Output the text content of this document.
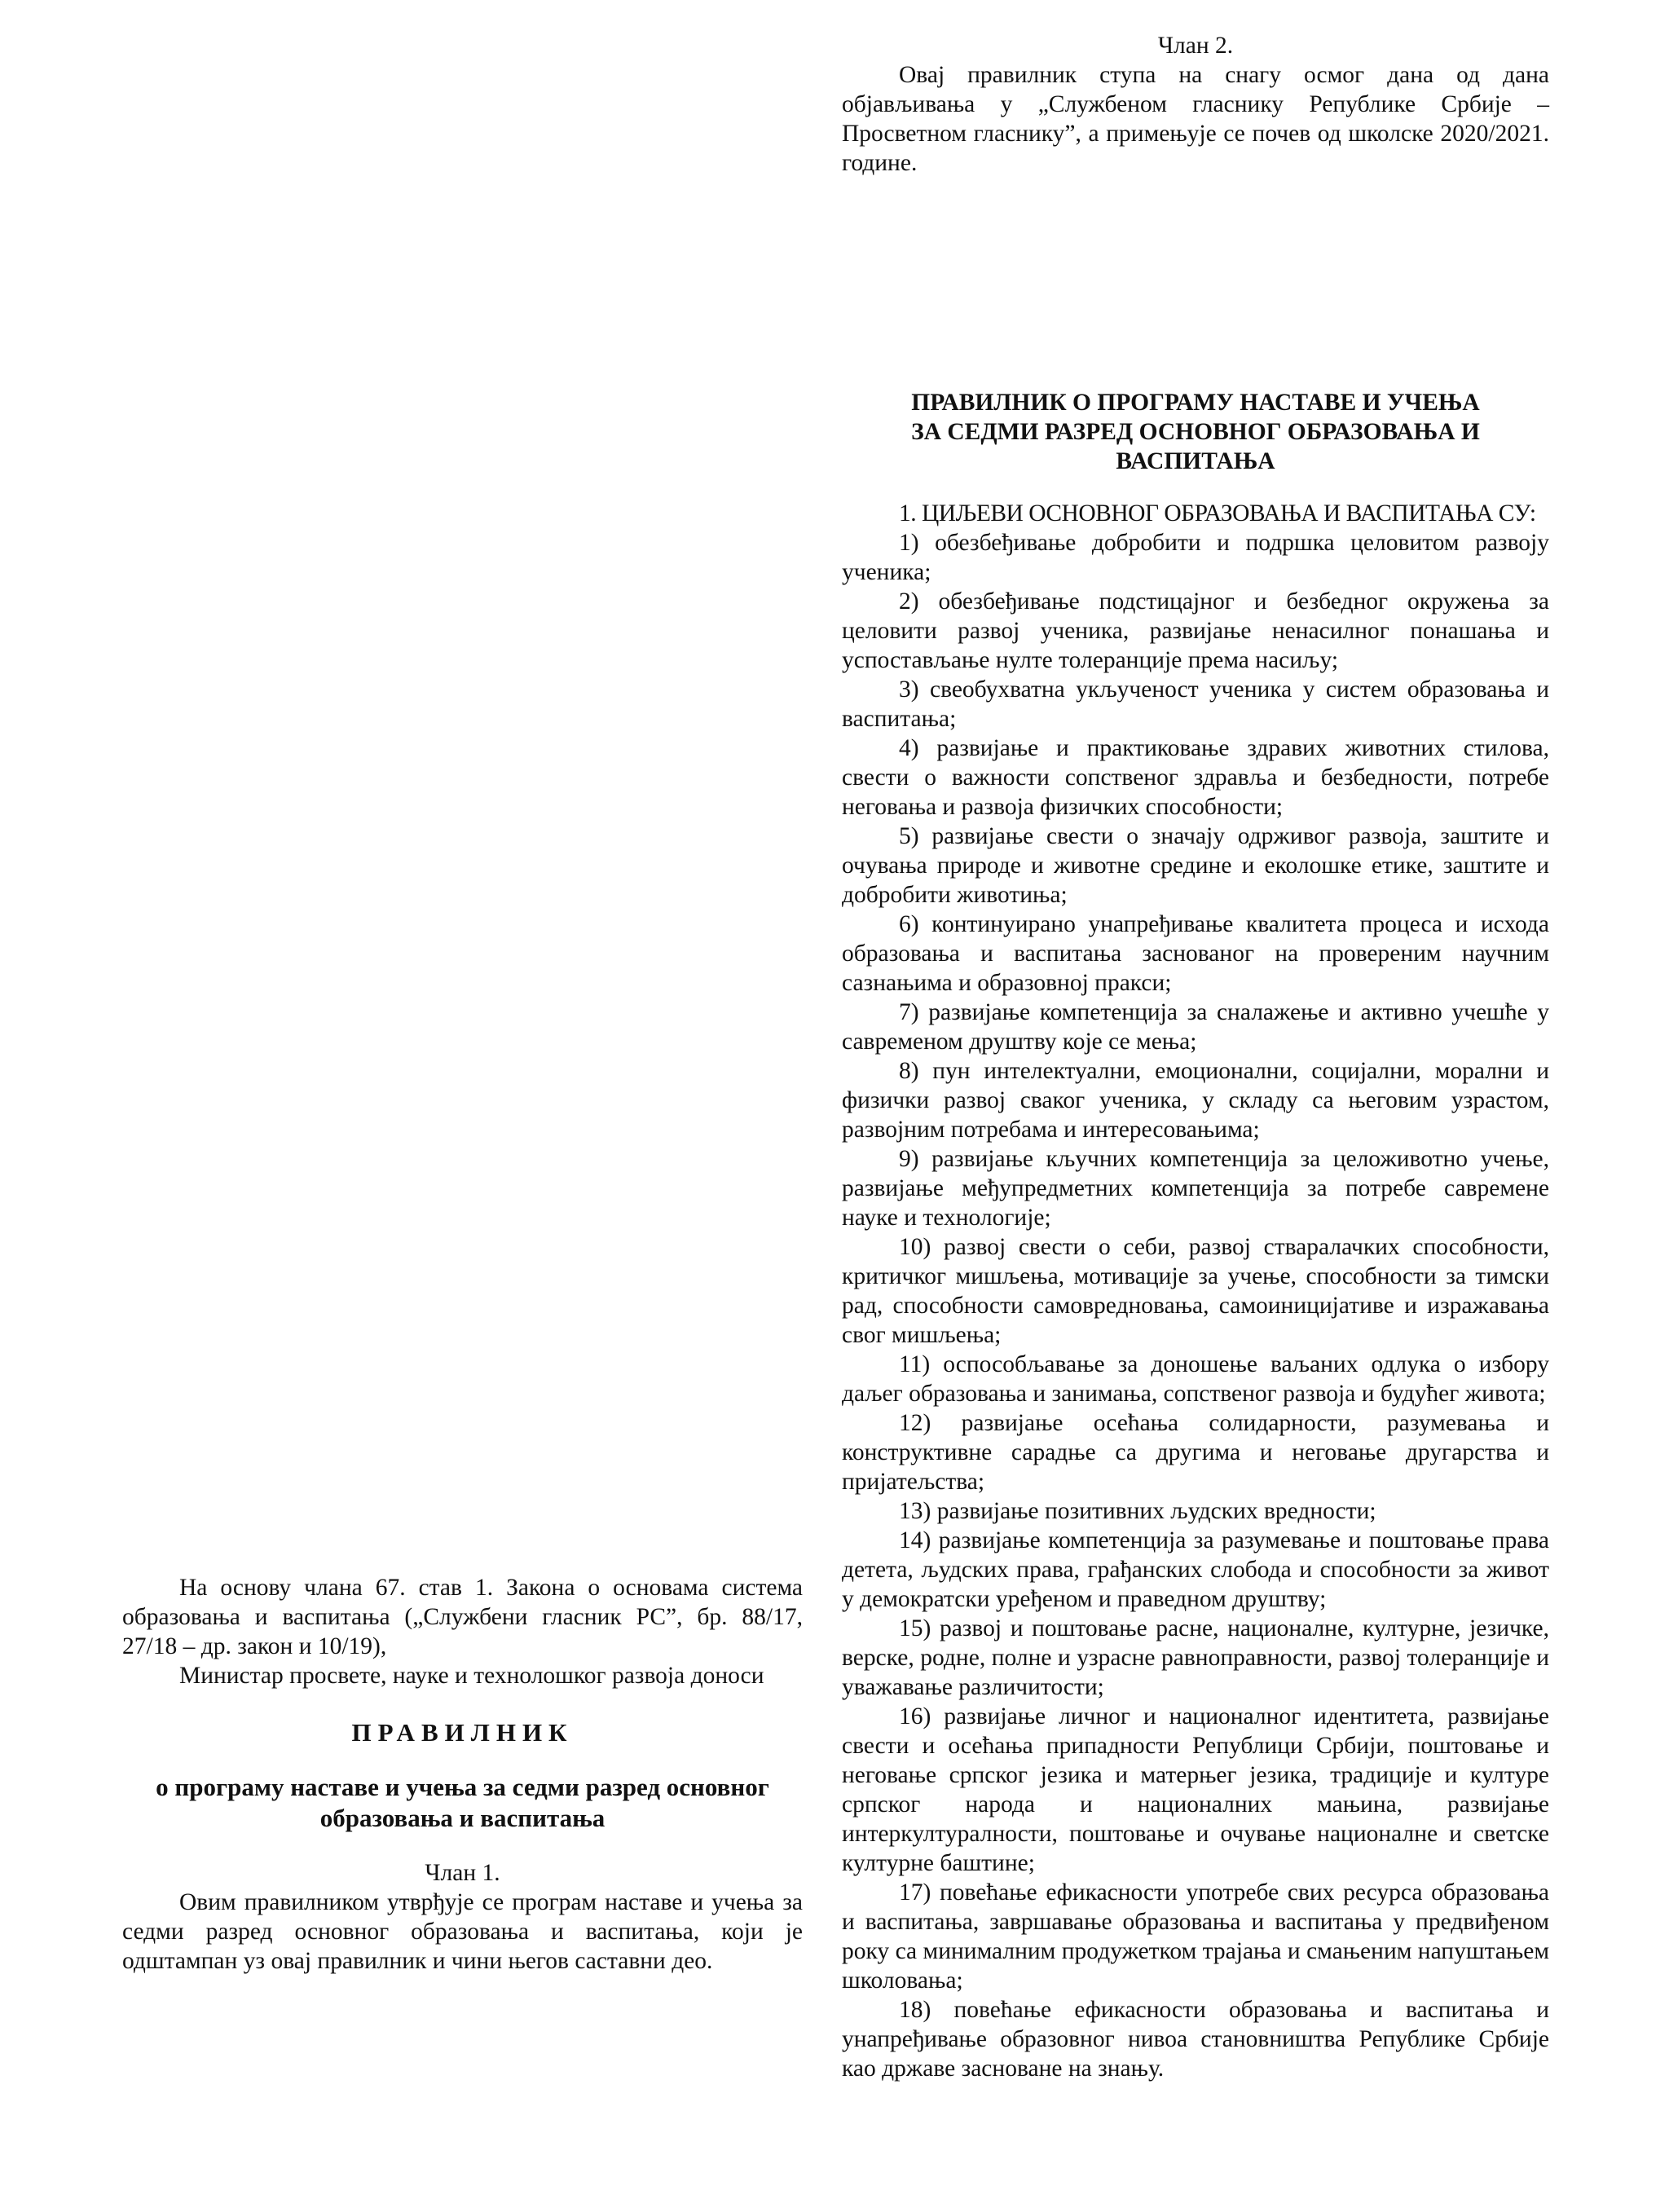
На основу члана 67. став 1. Закона о основама система образовања и васпитања („Службени гласник РС”, бр. 88/17, 27/18 – др. закон и 10/19),

Министар просвете, науке и технолошког развоја доноси

ПРАВИЛНИК

о програму наставе и учења за седми разред основног образовања и васпитања

Члан 1.

Овим правилником утврђује се програм наставе и учења за седми разред основног образовања и васпитања, који је одштампан уз овај правилник и чини његов саставни део.

Члан 2.

Овај правилник ступа на снагу осмог дана од дана објављивања у „Службеном гласнику Републике Србије – Просветном гласнику”, а примењује се почев од школске 2020/2021. године.

ПРАВИЛНИК О ПРОГРАМУ НАСТАВЕ И УЧЕЊА ЗА СЕДМИ РАЗРЕД ОСНОВНОГ ОБРАЗОВАЊА И ВАСПИТАЊА

1. ЦИЉЕВИ ОСНОВНОГ ОБРАЗОВАЊА И ВАСПИТАЊА СУ:

1) обезбеђивање добробити и подршка целовитом развоју ученика;

2) обезбеђивање подстицајног и безбедног окружења за целовити развој ученика, развијање ненасилног понашања и успостављање нулте толеранције према насиљу;

3) свеобухватна укљученост ученика у систем образовања и васпитања;

4) развијање и практиковање здравих животних стилова, свести о важности сопственог здравља и безбедности, потребе неговања и развоја физичких способности;

5) развијање свести о значају одрживог развоја, заштите и очувања природе и животне средине и еколошке етике, заштите и добробити животиња;

6) континуирано унапређивање квалитета процеса и исхода образовања и васпитања заснованог на провереним научним сазнањима и образовној пракси;

7) развијање компетенција за сналажење и активно учешће у савременом друштву које се мења;

8) пун интелектуални, емоционални, социјални, морални и физички развој сваког ученика, у складу са његовим узрастом, развојним потребама и интересовањима;

9) развијање кључних компетенција за целоживотно учење, развијање међупредметних компетенција за потребе савремене науке и технологије;

10) развој свести о себи, развој стваралачких способности, критичког мишљења, мотивације за учење, способности за тимски рад, способности самовредновања, самоиницијативе и изражавања свог мишљења;

11) оспособљавање за доношење ваљаних одлука о избору даљег образовања и занимања, сопственог развоја и будућег живота;

12) развијање осећања солидарности, разумевања и конструктивне сарадње са другима и неговање другарства и пријатељства;

13) развијање позитивних људских вредности;

14) развијање компетенција за разумевање и поштовање права детета, људских права, грађанских слобода и способности за живот у демократски уређеном и праведном друштву;

15) развој и поштовање расне, националне, културне, језичке, верске, родне, полне и узрасне равноправности, развој толеранције и уважавање различитости;

16) развијање личног и националног идентитета, развијање свести и осећања припадности Републици Србији, поштовање и неговање српског језика и матерњег језика, традиције и културе српског народа и националних мањина, развијање интеркултуралности, поштовање и очување националне и светске културне баштине;

17) повећање ефикасности употребе свих ресурса образовања и васпитања, завршавање образовања и васпитања у предвиђеном року са минималним продужетком трајања и смањеним напуштањем школовања;

18) повећање ефикасности образовања и васпитања и унапређивање образовног нивоа становништва Републике Србије као државе засноване на знању.
